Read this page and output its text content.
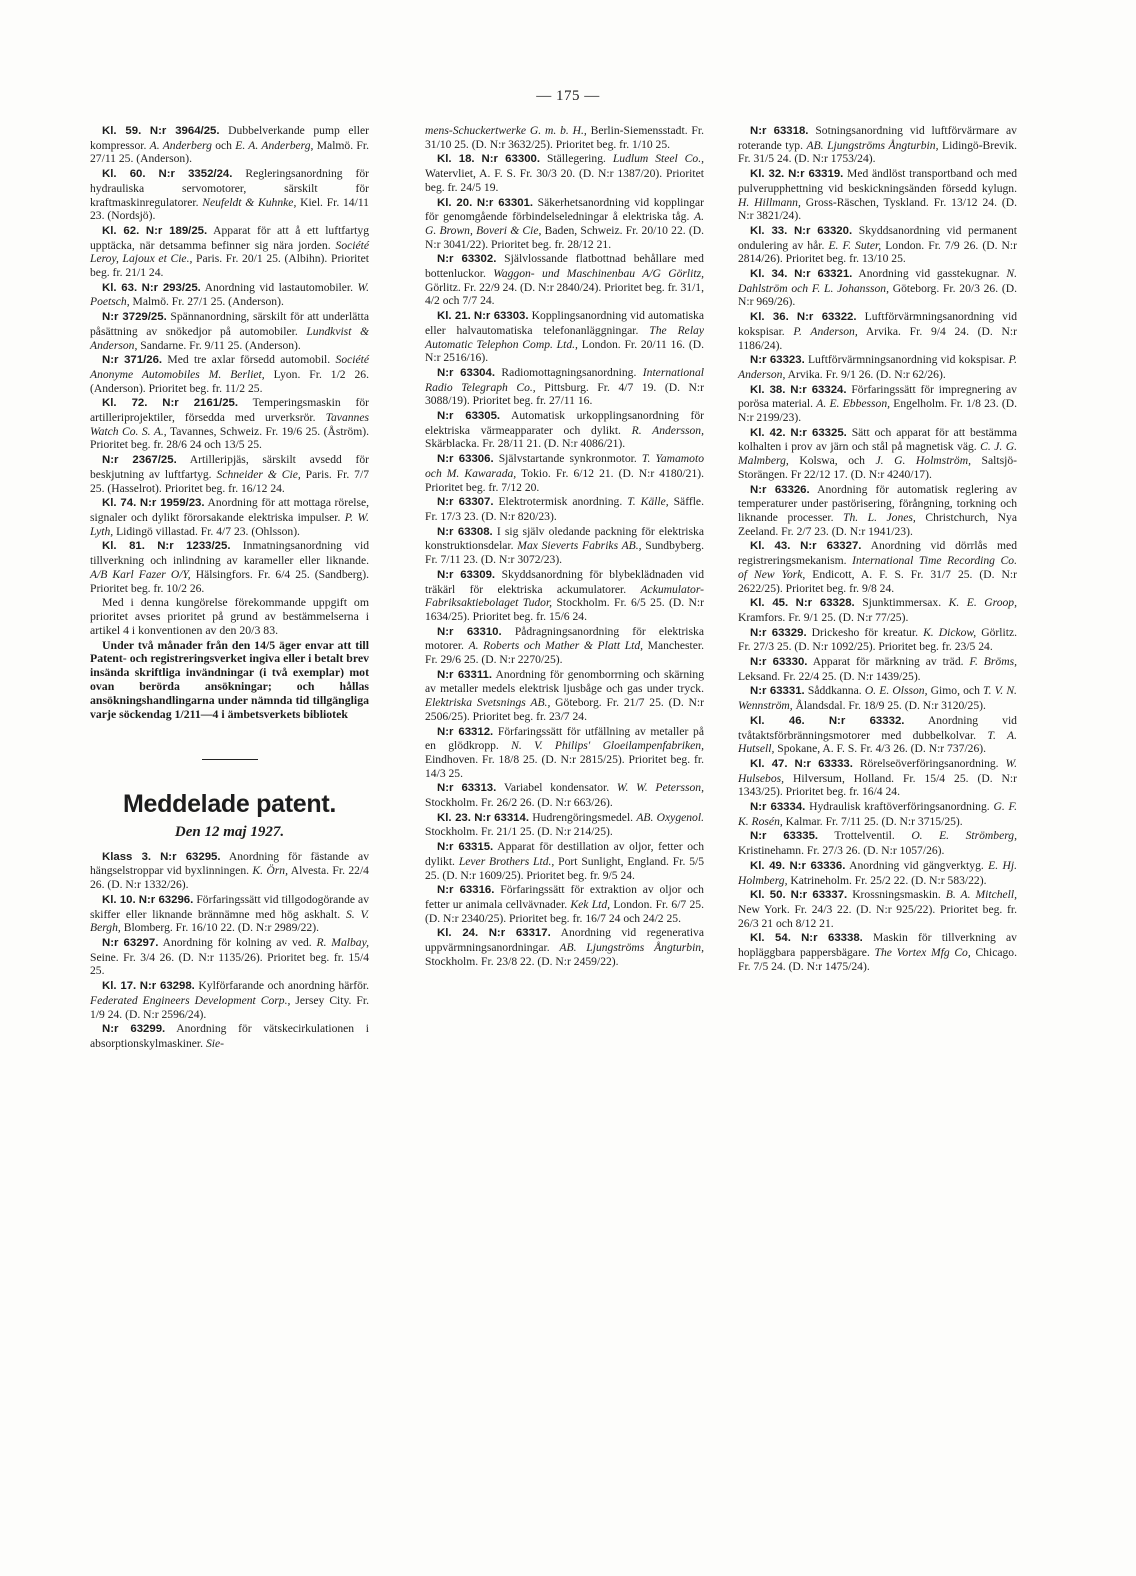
— 175 —

Kl. 59. N:r 3964/25. Dubbelverkande pump eller kompressor. A. Anderberg och E. A. Anderberg, Malmö. Fr. 27/11 25. (Anderson).

Kl. 60. N:r 3352/24. Regleringsanordning för hydrauliska servomotorer, särskilt för kraftmaskinregulatorer. Neufeldt & Kuhnke, Kiel. Fr. 14/11 23. (Nordsjö).

Kl. 62. N:r 189/25. Apparat för att å ett luftfartyg upptäcka, när detsamma befinner sig nära jorden. Société Leroy, Lajoux et Cie., Paris. Fr. 20/1 25. (Albihn). Prioritet beg. fr. 21/1 24.

Kl. 63. N:r 293/25. Anordning vid lastautomobiler. W. Poetsch, Malmö. Fr. 27/1 25. (Anderson).

N:r 3729/25. Spännanordning, särskilt för att underlätta påsättning av snökedjor på automobiler. Lundkvist & Anderson, Sandarne. Fr. 9/11 25. (Anderson).

N:r 371/26. Med tre axlar försedd automobil. Société Anonyme Automobiles M. Berliet, Lyon. Fr. 1/2 26. (Anderson). Prioritet beg. fr. 11/2 25.

Kl. 72. N:r 2161/25. Temperingsmaskin för artilleriprojektiler, försedda med urverksrör. Tavannes Watch Co. S. A., Tavannes, Schweiz. Fr. 19/6 25. (Åström). Prioritet beg. fr. 28/6 24 och 13/5 25.

N:r 2367/25. Artilleripjäs, särskilt avsedd för beskjutning av luftfartyg. Schneider & Cie, Paris. Fr. 7/7 25. (Hasselrot). Prioritet beg. fr. 16/12 24.

Kl. 74. N:r 1959/23. Anordning för att mottaga rörelse, signaler och dylikt förorsakande elektriska impulser. P. W. Lyth, Lidingö villastad. Fr. 4/7 23. (Ohlsson).

Kl. 81. N:r 1233/25. Inmatningsanordning vid tillverkning och inlindning av karameller eller liknande. A/B Karl Fazer O/Y, Hälsingfors. Fr. 6/4 25. (Sandberg). Prioritet beg. fr. 10/2 26.

Med i denna kungörelse förekommande uppgift om prioritet avses prioritet på grund av bestämmelserna i artikel 4 i konventionen av den 20/3 83.
Under två månader från den 14/5 äger envar att till Patent- och registreringsverket ingiva eller i betalt brev insända skriftliga invändningar (i två exemplar) mot ovan berörda ansökningar; och hållas ansökningshandlingarna under nämnda tid tillgängliga varje söckendag 1/211—4 i ämbetsverkets bibliotek
Meddelade patent.
Den 12 maj 1927.

Klass 3. N:r 63295. Anordning för fästande av hängselstroppar vid byxlinningen. K. Örn, Alvesta. Fr. 22/4 26. (D. N:r 1332/26).

Kl. 10. N:r 63296. Förfaringssätt vid tillgodogörande av skiffer eller liknande brännämne med hög askhalt. S. V. Bergh, Blomberg. Fr. 16/10 22. (D. N:r 2989/22).

N:r 63297. Anordning för kolning av ved. R. Malbay, Seine. Fr. 3/4 26. (D. N:r 1135/26). Prioritet beg. fr. 15/4 25.

Kl. 17. N:r 63298. Kylförfarande och anordning härför. Federated Engineers Development Corp., Jersey City. Fr. 1/9 24. (D. N:r 2596/24).

N:r 63299. Anordning för vätskecirkulationen i absorptionskylmaskiner. Sie-

mens-Schuckertwerke G. m. b. H., Berlin-Siemensstadt. Fr. 31/10 25. (D. N:r 3632/25). Prioritet beg. fr. 1/10 25.

Kl. 18. N:r 63300. Ställegering. Ludlum Steel Co., Watervliet, A. F. S. Fr. 30/3 20. (D. N:r 1387/20). Prioritet beg. fr. 24/5 19.

Kl. 20. N:r 63301. Säkerhetsanordning vid kopplingar för genomgående förbindelseledningar å elektriska tåg. A. G. Brown, Boveri & Cie, Baden, Schweiz. Fr. 20/10 22. (D. N:r 3041/22). Prioritet beg. fr. 28/12 21.

N:r 63302. Självlossande flatbottnad behållare med bottenluckor. Waggon- und Maschinenbau A/G Görlitz, Görlitz. Fr. 22/9 24. (D. N:r 2840/24). Prioritet beg. fr. 31/1, 4/2 och 7/7 24.

Kl. 21. N:r 63303. Kopplingsanordning vid automatiska eller halvautomatiska telefonanläggningar. The Relay Automatic Telephon Comp. Ltd., London. Fr. 20/11 16. (D. N:r 2516/16).

N:r 63304. Radiomottagningsanordning. International Radio Telegraph Co., Pittsburg. Fr. 4/7 19. (D. N:r 3088/19). Prioritet beg. fr. 27/11 16.

N:r 63305. Automatisk urkopplingsanordning för elektriska värmeapparater och dylikt. R. Andersson, Skärblacka. Fr. 28/11 21. (D. N:r 4086/21).

N:r 63306. Självstartande synkronmotor. T. Yamamoto och M. Kawarada, Tokio. Fr. 6/12 21. (D. N:r 4180/21). Prioritet beg. fr. 7/12 20.

N:r 63307. Elektrotermisk anordning. T. Källe, Säffle. Fr. 17/3 23. (D. N:r 820/23).

N:r 63308. I sig själv oledande packning för elektriska konstruktionsdelar. Max Sieverts Fabriks AB., Sundbyberg. Fr. 7/11 23. (D. N:r 3072/23).

N:r 63309. Skyddsanordning för blybeklädnaden vid träkärl för elektriska ackumulatorer. Ackumulator-Fabriksaktiebolaget Tudor, Stockholm. Fr. 6/5 25. (D. N:r 1634/25). Prioritet beg. fr. 15/6 24.

N:r 63310. Pådragningsanordning för elektriska motorer. A. Roberts och Mather & Platt Ltd, Manchester. Fr. 29/6 25. (D. N:r 2270/25).

N:r 63311. Anordning för genomborrning och skärning av metaller medels elektrisk ljusbåge och gas under tryck. Elektriska Svetsnings AB., Göteborg. Fr. 21/7 25. (D. N:r 2506/25). Prioritet beg. fr. 23/7 24.

N:r 63312. Förfaringssätt för utfällning av metaller på en glödkropp. N. V. Philips' Gloeilampenfabriken, Eindhoven. Fr. 18/8 25. (D. N:r 2815/25). Prioritet beg. fr. 14/3 25.

N:r 63313. Variabel kondensator. W. W. Petersson, Stockholm. Fr. 26/2 26. (D. N:r 663/26).

Kl. 23. N:r 63314. Hudrengöringsmedel. AB. Oxygenol. Stockholm. Fr. 21/1 25. (D. N:r 214/25).

N:r 63315. Apparat för destillation av oljor, fetter och dylikt. Lever Brothers Ltd., Port Sunlight, England. Fr. 5/5 25. (D. N:r 1609/25). Prioritet beg. fr. 9/5 24.

N:r 63316. Förfaringssätt för extraktion av oljor och fetter ur animala cellvävnader. Kek Ltd, London. Fr. 6/7 25. (D. N:r 2340/25). Prioritet beg. fr. 16/7 24 och 24/2 25.

Kl. 24. N:r 63317. Anordning vid regenerativa uppvärmningsanordningar. AB. Ljungströms Ångturbin, Stockholm. Fr. 23/8 22. (D. N:r 2459/22).

N:r 63318. Sotningsanordning vid luftförvärmare av roterande typ. AB. Ljungströms Ångturbin, Lidingö-Brevik. Fr. 31/5 24. (D. N:r 1753/24).

Kl. 32. N:r 63319. Med ändlöst transportband och med pulverupphettning vid beskickningsänden försedd kylugn. H. Hillmann, Gross-Räschen, Tyskland. Fr. 13/12 24. (D. N:r 3821/24).

Kl. 33. N:r 63320. Skyddsanordning vid permanent ondulering av hår. E. F. Suter, London. Fr. 7/9 26. (D. N:r 2814/26). Prioritet beg. fr. 13/10 25.

Kl. 34. N:r 63321. Anordning vid gasstekugnar. N. Dahlström och F. L. Johansson, Göteborg. Fr. 20/3 26. (D. N:r 969/26).

Kl. 36. N:r 63322. Luftförvärmningsanordning vid kokspisar. P. Anderson, Arvika. Fr. 9/4 24. (D. N:r 1186/24).

N:r 63323. Luftförvärmningsanordning vid kokspisar. P. Anderson, Arvika. Fr. 9/1 26. (D. N:r 62/26).

Kl. 38. N:r 63324. Förfaringssätt för impregnering av porösa material. A. E. Ebbesson, Engelholm. Fr. 1/8 23. (D. N:r 2199/23).

Kl. 42. N:r 63325. Sätt och apparat för att bestämma kolhalten i prov av järn och stål på magnetisk väg. C. J. G. Malmberg, Kolswa, och J. G. Holmström, Saltsjö-Storängen. Fr 22/12 17. (D. N:r 4240/17).

N:r 63326. Anordning för automatisk reglering av temperaturer under pastörisering, förångning, torkning och liknande processer. Th. L. Jones, Christchurch, Nya Zeeland. Fr. 2/7 23. (D. N:r 1941/23).

Kl. 43. N:r 63327. Anordning vid dörrlås med registreringsmekanism. International Time Recording Co. of New York, Endicott, A. F. S. Fr. 31/7 25. (D. N:r 2622/25). Prioritet beg. fr. 9/8 24.

Kl. 45. N:r 63328. Sjunktimmersax. K. E. Groop, Kramfors. Fr. 9/1 25. (D. N:r 77/25).

N:r 63329. Drickesho för kreatur. K. Dickow, Görlitz. Fr. 27/3 25. (D. N:r 1092/25). Prioritet beg. fr. 23/5 24.

N:r 63330. Apparat för märkning av träd. F. Bröms, Leksand. Fr. 22/4 25. (D. N:r 1439/25).

N:r 63331. Såddkanna. O. E. Olsson, Gimo, och T. V. N. Wennström, Ålandsdal. Fr. 18/9 25. (D. N:r 3120/25).

Kl. 46. N:r 63332. Anordning vid tvåtaktsförbränningsmotorer med dubbelkolvar. T. A. Hutsell, Spokane, A. F. S. Fr. 4/3 26. (D. N:r 737/26).

Kl. 47. N:r 63333. Rörelseöverföringsanordning. W. Hulsebos, Hilversum, Holland. Fr. 15/4 25. (D. N:r 1343/25). Prioritet beg. fr. 16/4 24.

N:r 63334. Hydraulisk kraftöverföringsanordning. G. F. K. Rosén, Kalmar. Fr. 7/11 25. (D. N:r 3715/25).

N:r 63335. Trottelventil. O. E. Strömberg, Kristinehamn. Fr. 27/3 26. (D. N:r 1057/26).

Kl. 49. N:r 63336. Anordning vid gängverktyg. E. Hj. Holmberg, Katrineholm. Fr. 25/2 22. (D. N:r 583/22).

Kl. 50. N:r 63337. Krossningsmaskin. B. A. Mitchell, New York. Fr. 24/3 22. (D. N:r 925/22). Prioritet beg. fr. 26/3 21 och 8/12 21.

Kl. 54. N:r 63338. Maskin för tillverkning av hopläggbara pappersbägare. The Vortex Mfg Co, Chicago. Fr. 7/5 24. (D. N:r 1475/24).
